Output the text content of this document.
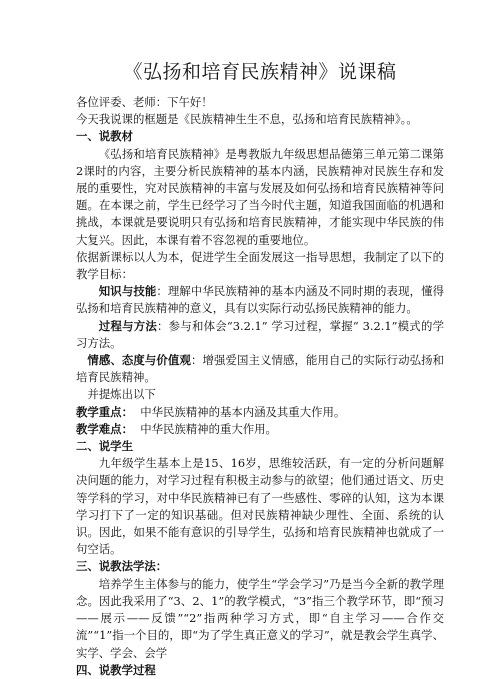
《弘扬和培育民族精神》说课稿

各位评委、老师：下午好！

今天我说课的框题是《民族精神生生不息，弘扬和培育民族精神》。。

一、说教材

《弘扬和培育民族精神》是粤教版九年级思想品德第三单元第二课第2课时的内容，主要分析民族精神的基本内涵，民族精神对民族生存和发展的重要性，究对民族精神的丰富与发展及如何弘扬和培育民族精神等问题。在本课之前，学生已经学习了当今时代主题，知道我国面临的机遇和挑战，本课就是要说明只有弘扬和培育民族精神，才能实现中华民族的伟大复兴。因此，本课有着不容忽视的重要地位。

依据新课标以人为本，促进学生全面发展这一指导思想，我制定了以下的教学目标：

知识与技能：理解中华民族精神的基本内涵及不同时期的表现，懂得弘扬和培育民族精神的意义，具有以实际行动弘扬民族精神的能力。

过程与方法：参与和体会“3.2.1” 学习过程，掌握“ 3.2.1”模式的学习方法。

情感、态度与价值观：增强爱国主义情感，能用自己的实际行动弘扬和培育民族精神。

并提炼出以下

教学重点： 中华民族精神的基本内涵及其重大作用。

教学难点： 中华民族精神的重大作用。

二、说学生

九年级学生基本上是15、16岁，思维较活跃，有一定的分析问题解决问题的能力，对学习过程有积极主动参与的欲望；他们通过语文、历史等学科的学习，对中华民族精神已有了一些感性、零碎的认知，这为本课学习打下了一定的知识基础。但对民族精神缺少理性、全面、系统的认识。因此，如果不能有意识的引导学生，弘扬和培育民族精神也就成了一句空话。

三、说教法学法：

培养学生主体参与的能力，使学生“学会学习”乃是当今全新的教学理念。因此我采用了“3、2、1”的教学模式，“3”指三个教学环节，即“预习——展示——反馈”“2”指两种学习方式，即“自主学习——合作交流”“1”指一个目的，即“为了学生真正意义的学习”，就是教会学生真学、实学、学会、会学

四、说教学过程
